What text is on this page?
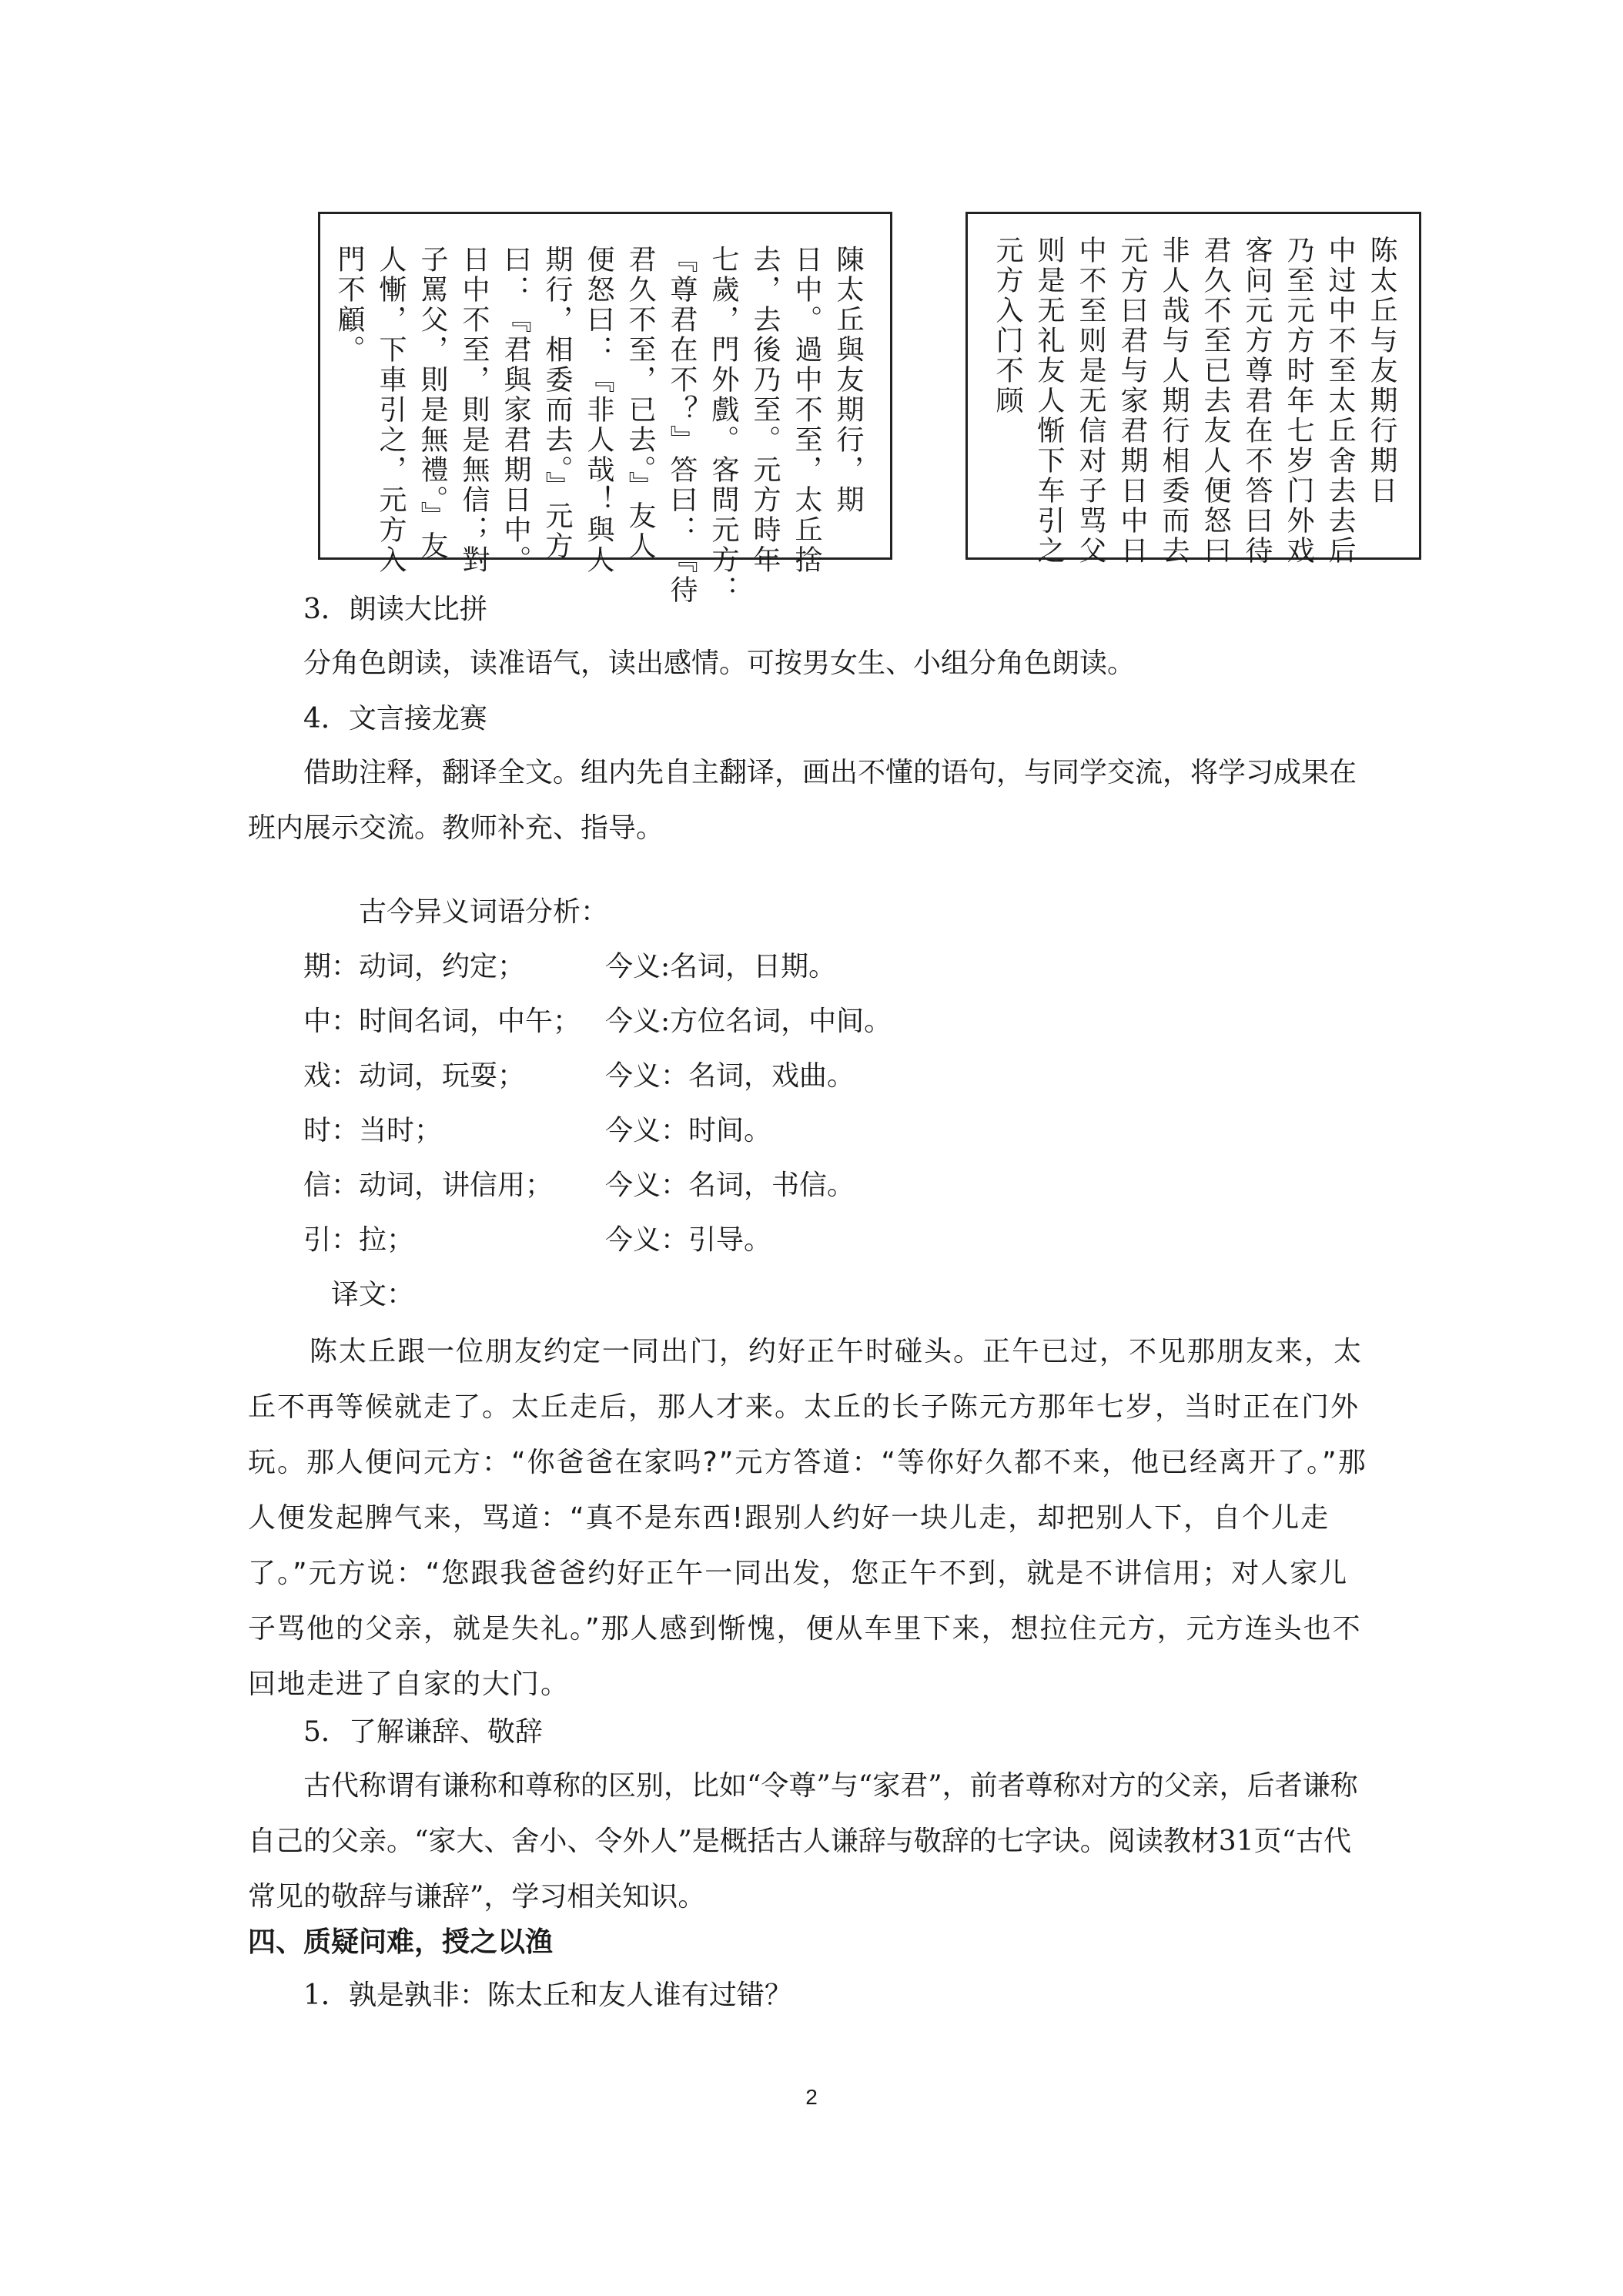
陳太丘與友期行，期
日中。過中不至，太丘捨
去，去後乃至。元方時年
七歲，門外戲。客問元方：
『尊君在不？』答曰：『待
君久不至，已去。』友人
便怒曰：『非人哉！與人
期行，相委而去。』元方
曰：『君與家君期日中。
日中不至，則是無信；對
子罵父，則是無禮。』友
人慚，下車引之，元方入
門不顧。	陈太丘与友期行期日
中过中不至太丘舍去去后
乃至元方时年七岁门外戏
客问元方尊君在不答曰待
君久不至已去友人便怒曰
非人哉与人期行相委而去
元方曰君与家君期日中日
中不至则是无信对子骂父
则是无礼友人惭下车引之
元方入门不顾
3．朗读大比拼
分角色朗读，读准语气，读出感情。可按男女生、小组分角色朗读。
4．文言接龙赛
借助注释，翻译全文。组内先自主翻译，画出不懂的语句，与同学交流，将学习成果在班内展示交流。教师补充、指导。
古今异义词语分析：
期：动词，约定；	今义:名词，日期。
中：时间名词，中午； 今义:方位名词，中间。
戏：动词，玩耍；	今义：名词，戏曲。
时：当时；	今义：时间。
信：动词，讲信用； 今义：名词，书信。
引：拉；	今义：引导。
译文：
陈太丘跟一位朋友约定一同出门，约好正午时碰头。正午已过，不见那朋友来，太丘不再等候就走了。太丘走后，那人才来。太丘的长子陈元方那年七岁，当时正在门外玩。那人便问元方：“你爸爸在家吗?”元方答道：“等你好久都不来，他已经离开了。”那人便发起脾气来，骂道：“真不是东西!跟别人约好一块儿走，却把别人下，自个儿走了。”元方说：“您跟我爸爸约好正午一同出发，您正午不到，就是不讲信用；对人家儿子骂他的父亲，就是失礼。”那人感到惭愧，便从车里下来，想拉住元方，元方连头也不回地走进了自家的大门。
5．了解谦辞、敬辞
古代称谓有谦称和尊称的区别，比如“令尊”与“家君”，前者尊称对方的父亲，后者谦称自己的父亲。“家大、舍小、令外人”是概括古人谦辞与敬辞的七字诀。阅读教材31页“古代常见的敬辞与谦辞”，学习相关知识。
四、质疑问难，授之以渔
1．孰是孰非：陈太丘和友人谁有过错？
2
